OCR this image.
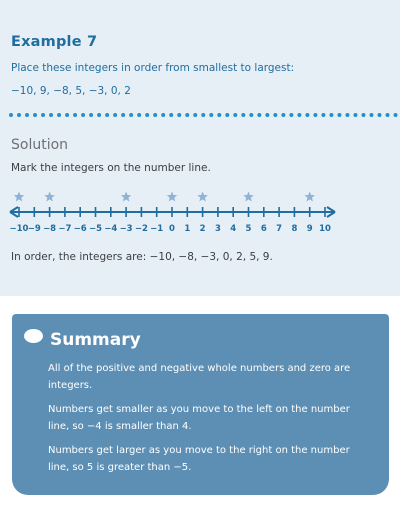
Example 7
Place these integers in order from smallest to largest:
−10, 9, −8, 5, −3, 0, 2
Solution
Mark the integers on the number line.
−10 −9 −8 −7 −6 −5 −4 −3 −2 −1 0 1 2 3 4 5 6 7 8 9 10
In order, the integers are: −10, −8, −3, 0, 2, 5, 9.
Summary

All of the positive and negative whole numbers and zero are integers.

Numbers get smaller as you move to the left on the number line, so −4 is smaller than 4.

Numbers get larger as you move to the right on the number line, so 5 is greater than −5.
